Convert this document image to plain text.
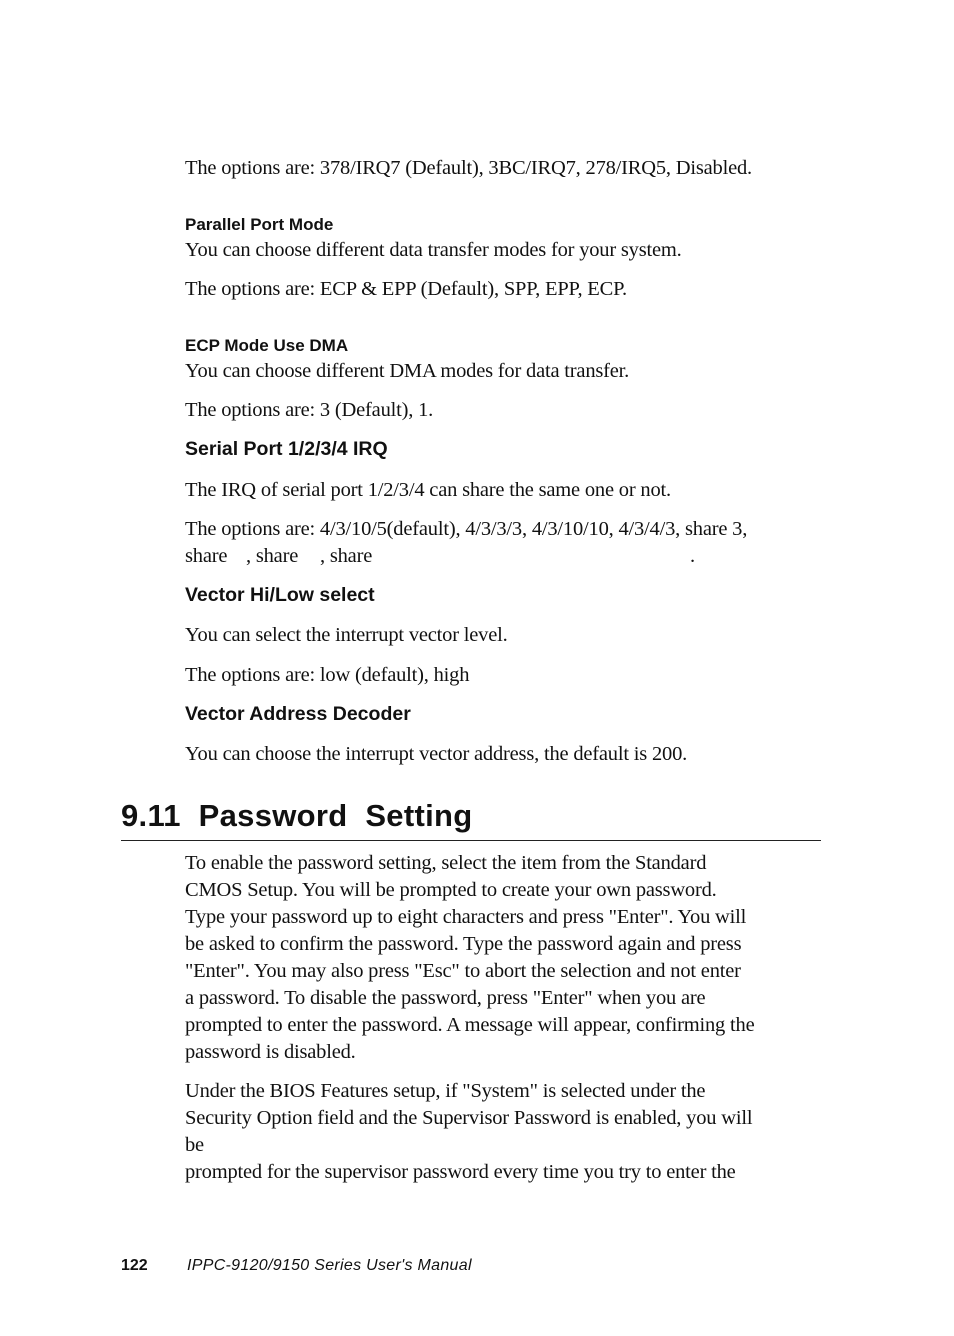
The options are: 378/IRQ7 (Default), 3BC/IRQ7, 278/IRQ5, Disabled.
Parallel Port Mode
You can choose different data transfer modes for your system.
The options are: ECP & EPP (Default), SPP, EPP, ECP.
ECP Mode Use DMA
You can choose different DMA modes for data transfer.
The options are: 3 (Default), 1.
Serial Port 1/2/3/4 IRQ
The IRQ of serial port 1/2/3/4 can share the same one or not.
The options are: 4/3/10/5(default), 4/3/3/3, 4/3/10/10, 4/3/4/3, share 3,
share , share , share	.
Vector Hi/Low select
You can select the interrupt vector level.
The options are: low (default), high
Vector Address Decoder
You can choose the interrupt vector address, the default is 200.
9.11  Password  Setting
To enable the password setting, select the item from the Standard
CMOS Setup. You will be prompted to create your own password.
Type your password up to eight characters and press "Enter". You will
be asked to confirm the password. Type the password again and press
"Enter". You may also press "Esc" to abort the selection and not enter
a password. To disable the password, press "Enter" when you are
prompted to enter the password. A message will appear, confirming the
password is disabled.
Under the BIOS Features setup, if "System" is selected under the
Security Option field and the Supervisor Password is enabled, you will
be
prompted for the supervisor password every time you try to enter the
122 IPPC-9120/9150 Series User's Manual
